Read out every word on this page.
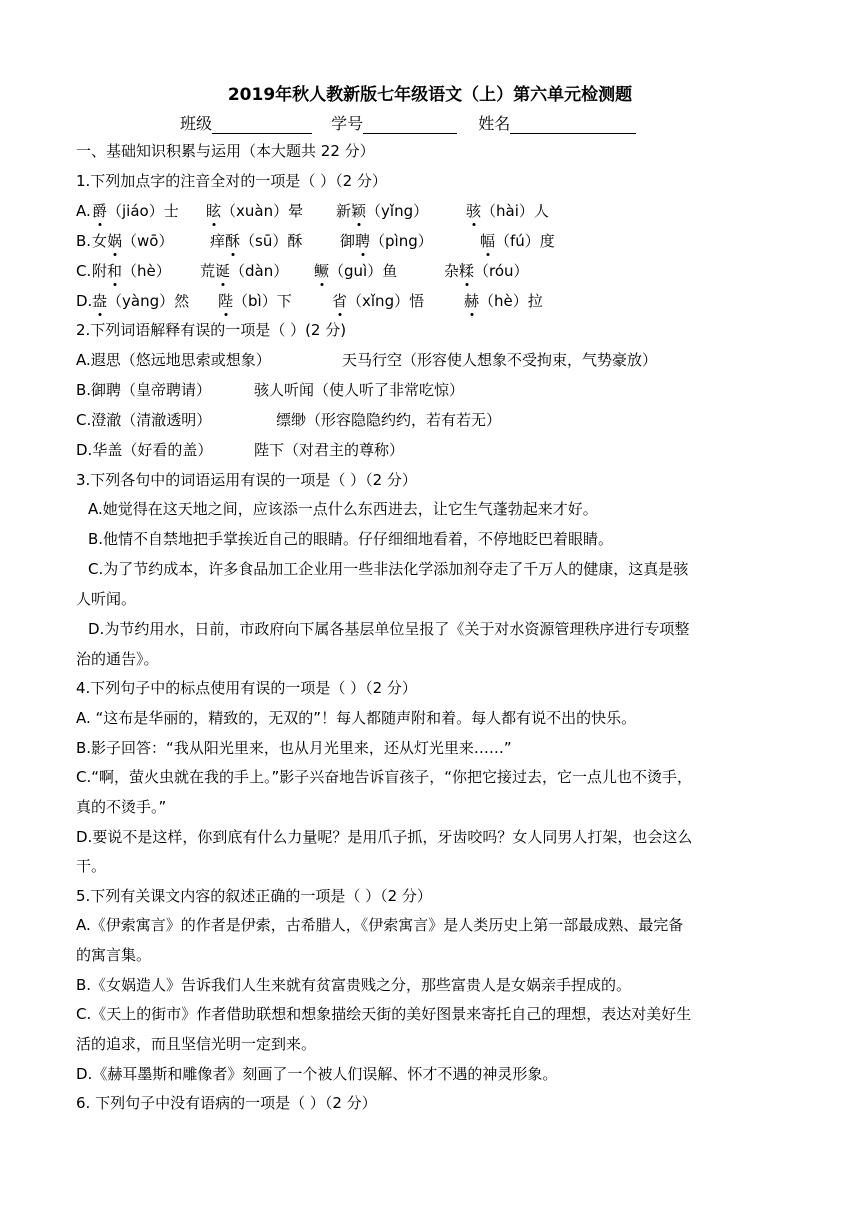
2019年秋人教新版七年级语文（上）第六单元检测题
班级	学号	姓名
一、基础知识积累与运用（本大题共 22 分）
1.下列加点字的注音全对的一项是（ ）（2 分）
A. 爵（jiáo）士 眩（xuàn）晕 新颖（yǐng）	骇（hài）人
B. 女娲（wō） 痒酥（sū）酥	御聘（pìng）	幅（fú）度
C. 附和（hè） 荒诞（dàn） 鳜（guì）鱼	杂糅（róu）
D. 盎（yàng）然 陛（bì）下	省（xǐng）悟	赫（hè）拉
2.下列词语解释有误的一项是（ ）(2 分)
A.遐思（悠远地思索或想象）	天马行空（形容使人想象不受拘束，气势豪放）
B.御聘（皇帝聘请）	骇人听闻（使人听了非常吃惊）
C.澄澈（清澈透明）	缥缈（形容隐隐约约，若有若无）
D.华盖（好看的盖）	陛下（对君主的尊称）
3.下列各句中的词语运用有误的一项是（ ）（2 分）
A.她觉得在这天地之间，应该添一点什么东西进去，让它生气蓬勃起来才好。
B.他情不自禁地把手掌挨近自己的眼睛。仔仔细细地看着，不停地眨巴着眼睛。
C.为了节约成本，许多食品加工企业用一些非法化学添加剂夺走了千万人的健康，这真是骇
人听闻。
D.为节约用水，日前，市政府向下属各基层单位呈报了《关于对水资源管理秩序进行专项整
治的通告》。
4.下列句子中的标点使用有误的一项是（ ）（2 分）
A. “这布是华丽的，精致的，无双的”！每人都随声附和着。每人都有说不出的快乐。
B.影子回答：“我从阳光里来，也从月光里来，还从灯光里来……”
C.“啊，萤火虫就在我的手上。”影子兴奋地告诉盲孩子，“你把它接过去，它一点儿也不烫手，
真的不烫手。”
D.要说不是这样，你到底有什么力量呢？是用爪子抓，牙齿咬吗？女人同男人打架，也会这么
干。
5.下列有关课文内容的叙述正确的一项是（ ）（2 分）
A.《伊索寓言》的作者是伊索，古希腊人，《伊索寓言》是人类历史上第一部最成熟、最完备
的寓言集。
B.《女娲造人》告诉我们人生来就有贫富贵贱之分，那些富贵人是女娲亲手捏成的。
C.《天上的街市》作者借助联想和想象描绘天街的美好图景来寄托自己的理想，表达对美好生
活的追求，而且坚信光明一定到来。
D.《赫耳墨斯和雕像者》刻画了一个被人们误解、怀才不遇的神灵形象。
6. 下列句子中没有语病的一项是（ ）（2 分）
